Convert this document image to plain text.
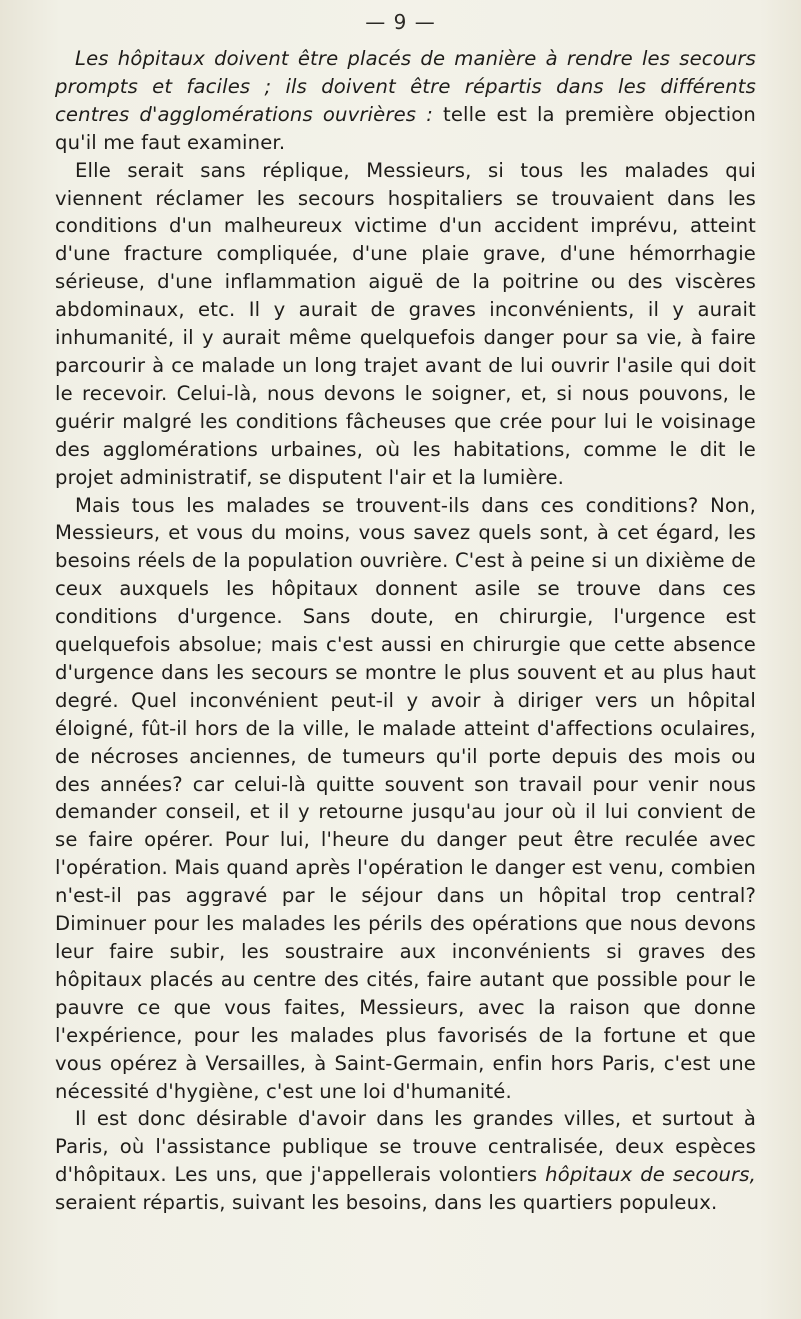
— 9 —

Les hôpitaux doivent être placés de manière à rendre les secours prompts et faciles ; ils doivent être répartis dans les différents centres d'agglomérations ouvrières : telle est la première objection qu'il me faut examiner.

Elle serait sans réplique, Messieurs, si tous les malades qui viennent réclamer les secours hospitaliers se trouvaient dans les conditions d'un malheureux victime d'un accident imprévu, atteint d'une fracture compliquée, d'une plaie grave, d'une hémorrhagie sérieuse, d'une inflammation aiguë de la poitrine ou des viscères abdominaux, etc. Il y aurait de graves inconvénients, il y aurait inhumanité, il y aurait même quelquefois danger pour sa vie, à faire parcourir à ce malade un long trajet avant de lui ouvrir l'asile qui doit le recevoir. Celui-là, nous devons le soigner, et, si nous pouvons, le guérir malgré les conditions fâcheuses que crée pour lui le voisinage des agglomérations urbaines, où les habitations, comme le dit le projet administratif, se disputent l'air et la lumière.

Mais tous les malades se trouvent-ils dans ces conditions? Non, Messieurs, et vous du moins, vous savez quels sont, à cet égard, les besoins réels de la population ouvrière. C'est à peine si un dixième de ceux auxquels les hôpitaux donnent asile se trouve dans ces conditions d'urgence. Sans doute, en chirurgie, l'urgence est quelquefois absolue; mais c'est aussi en chirurgie que cette absence d'urgence dans les secours se montre le plus souvent et au plus haut degré. Quel inconvénient peut-il y avoir à diriger vers un hôpital éloigné, fût-il hors de la ville, le malade atteint d'affections oculaires, de nécroses anciennes, de tumeurs qu'il porte depuis des mois ou des années? car celui-là quitte souvent son travail pour venir nous demander conseil, et il y retourne jusqu'au jour où il lui convient de se faire opérer. Pour lui, l'heure du danger peut être reculée avec l'opération. Mais quand après l'opération le danger est venu, combien n'est-il pas aggravé par le séjour dans un hôpital trop central? Diminuer pour les malades les périls des opérations que nous devons leur faire subir, les soustraire aux inconvénients si graves des hôpitaux placés au centre des cités, faire autant que possible pour le pauvre ce que vous faites, Messieurs, avec la raison que donne l'expérience, pour les malades plus favorisés de la fortune et que vous opérez à Versailles, à Saint-Germain, enfin hors Paris, c'est une nécessité d'hygiène, c'est une loi d'humanité.

Il est donc désirable d'avoir dans les grandes villes, et surtout à Paris, où l'assistance publique se trouve centralisée, deux espèces d'hôpitaux. Les uns, que j'appellerais volontiers hôpitaux de secours, seraient répartis, suivant les besoins, dans les quartiers populeux.
